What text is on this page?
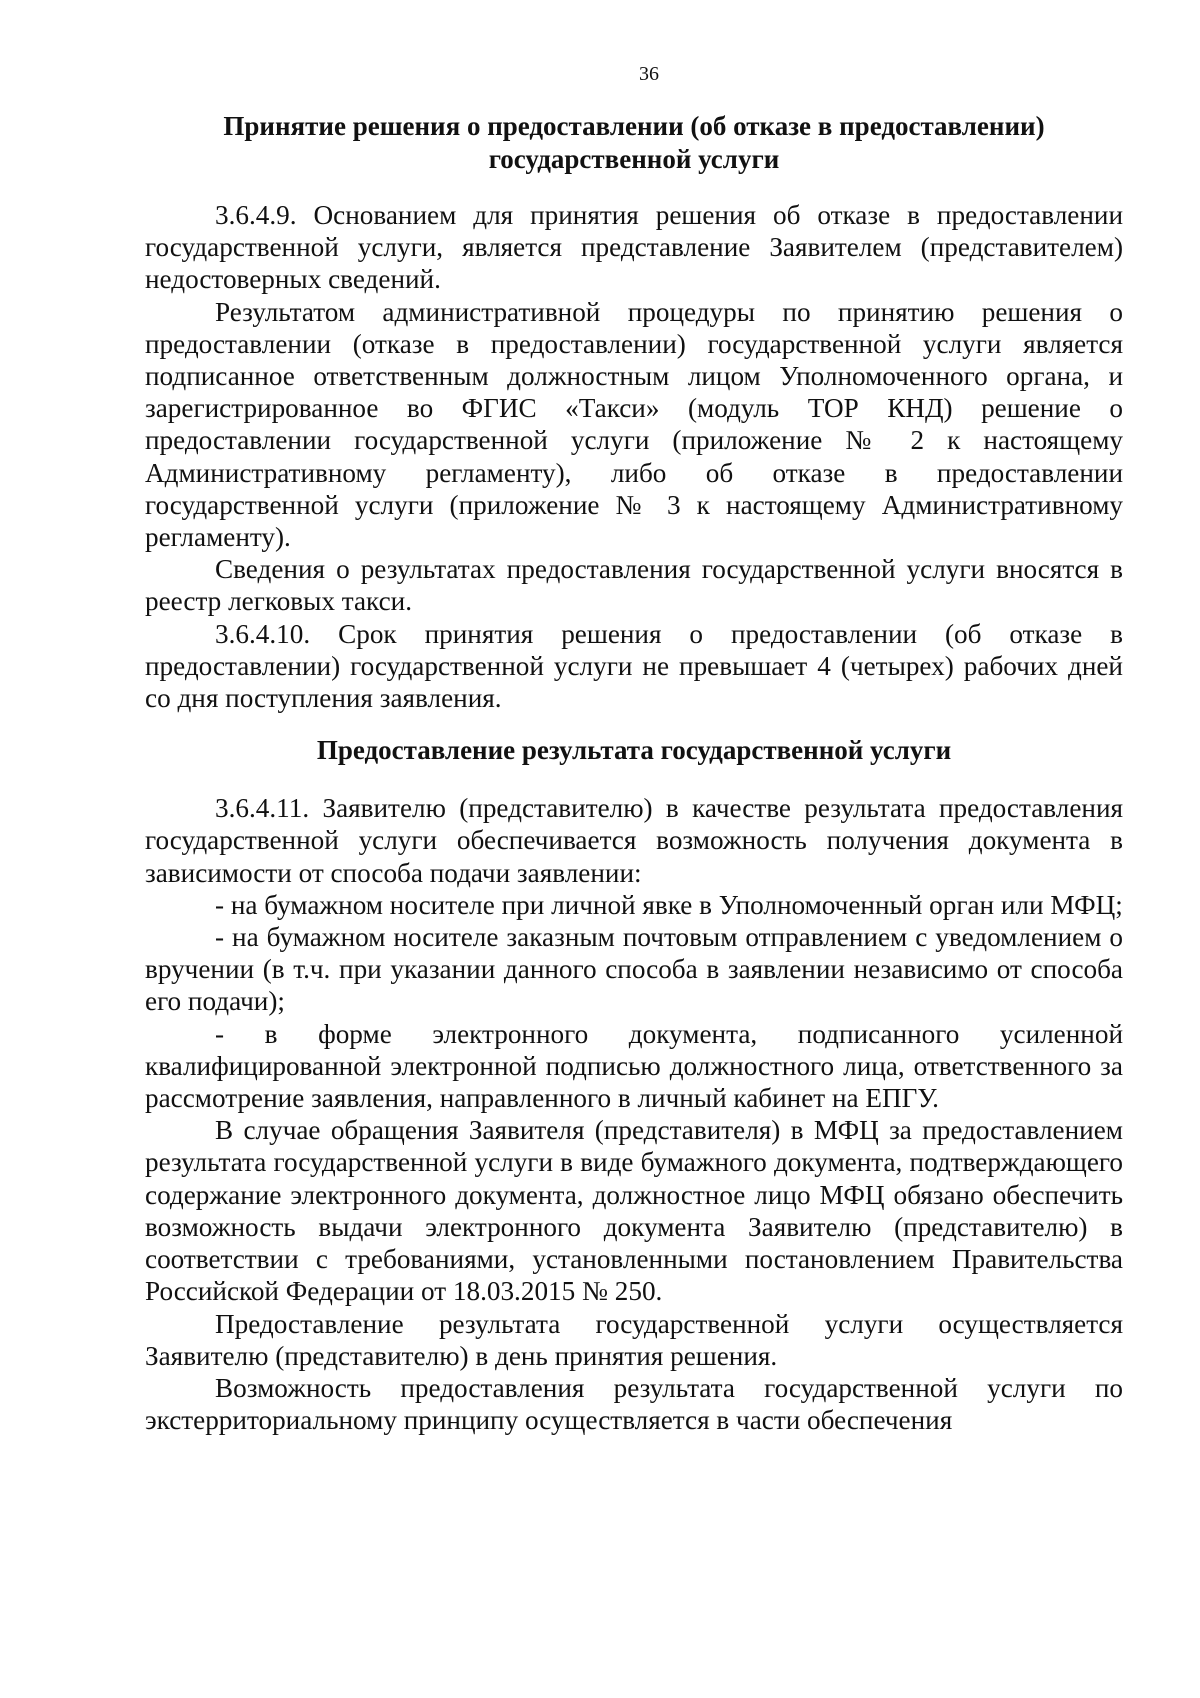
36
Принятие решения о предоставлении (об отказе в предоставлении)
государственной услуги

3.6.4.9. Основанием для принятия решения об отказе в предоставлении государственной услуги, является представление Заявителем (представителем) недостоверных сведений.

Результатом административной процедуры по принятию решения о предоставлении (отказе в предоставлении) государственной услуги является подписанное ответственным должностным лицом Уполномоченного органа, и зарегистрированное во ФГИС «Такси» (модуль ТОР КНД) решение о предоставлении государственной услуги (приложение № 2 к настоящему Административному регламенту), либо об отказе в предоставлении государственной услуги (приложение № 3 к настоящему Административному регламенту).

Сведения о результатах предоставления государственной услуги вносятся в реестр легковых такси.

3.6.4.10. Срок принятия решения о предоставлении (об отказе в предоставлении) государственной услуги не превышает 4 (четырех) рабочих дней со дня поступления заявления.

Предоставление результата государственной услуги

3.6.4.11. Заявителю (представителю) в качестве результата предоставления государственной услуги обеспечивается возможность получения документа в зависимости от способа подачи заявлении:

- на бумажном носителе при личной явке в Уполномоченный орган или МФЦ;

- на бумажном носителе заказным почтовым отправлением с уведомлением о вручении (в т.ч. при указании данного способа в заявлении независимо от способа его подачи);

- в форме электронного документа, подписанного усиленной квалифицированной электронной подписью должностного лица, ответственного за рассмотрение заявления, направленного в личный кабинет на ЕПГУ.

В случае обращения Заявителя (представителя) в МФЦ за предоставлением результата государственной услуги в виде бумажного документа, подтверждающего содержание электронного документа, должностное лицо МФЦ обязано обеспечить возможность выдачи электронного документа Заявителю (представителю) в соответствии с требованиями, установленными постановлением Правительства Российской Федерации от 18.03.2015 № 250.

Предоставление результата государственной услуги осуществляется Заявителю (представителю) в день принятия решения.

Возможность предоставления результата государственной услуги по экстерриториальному принципу осуществляется в части обеспечения
